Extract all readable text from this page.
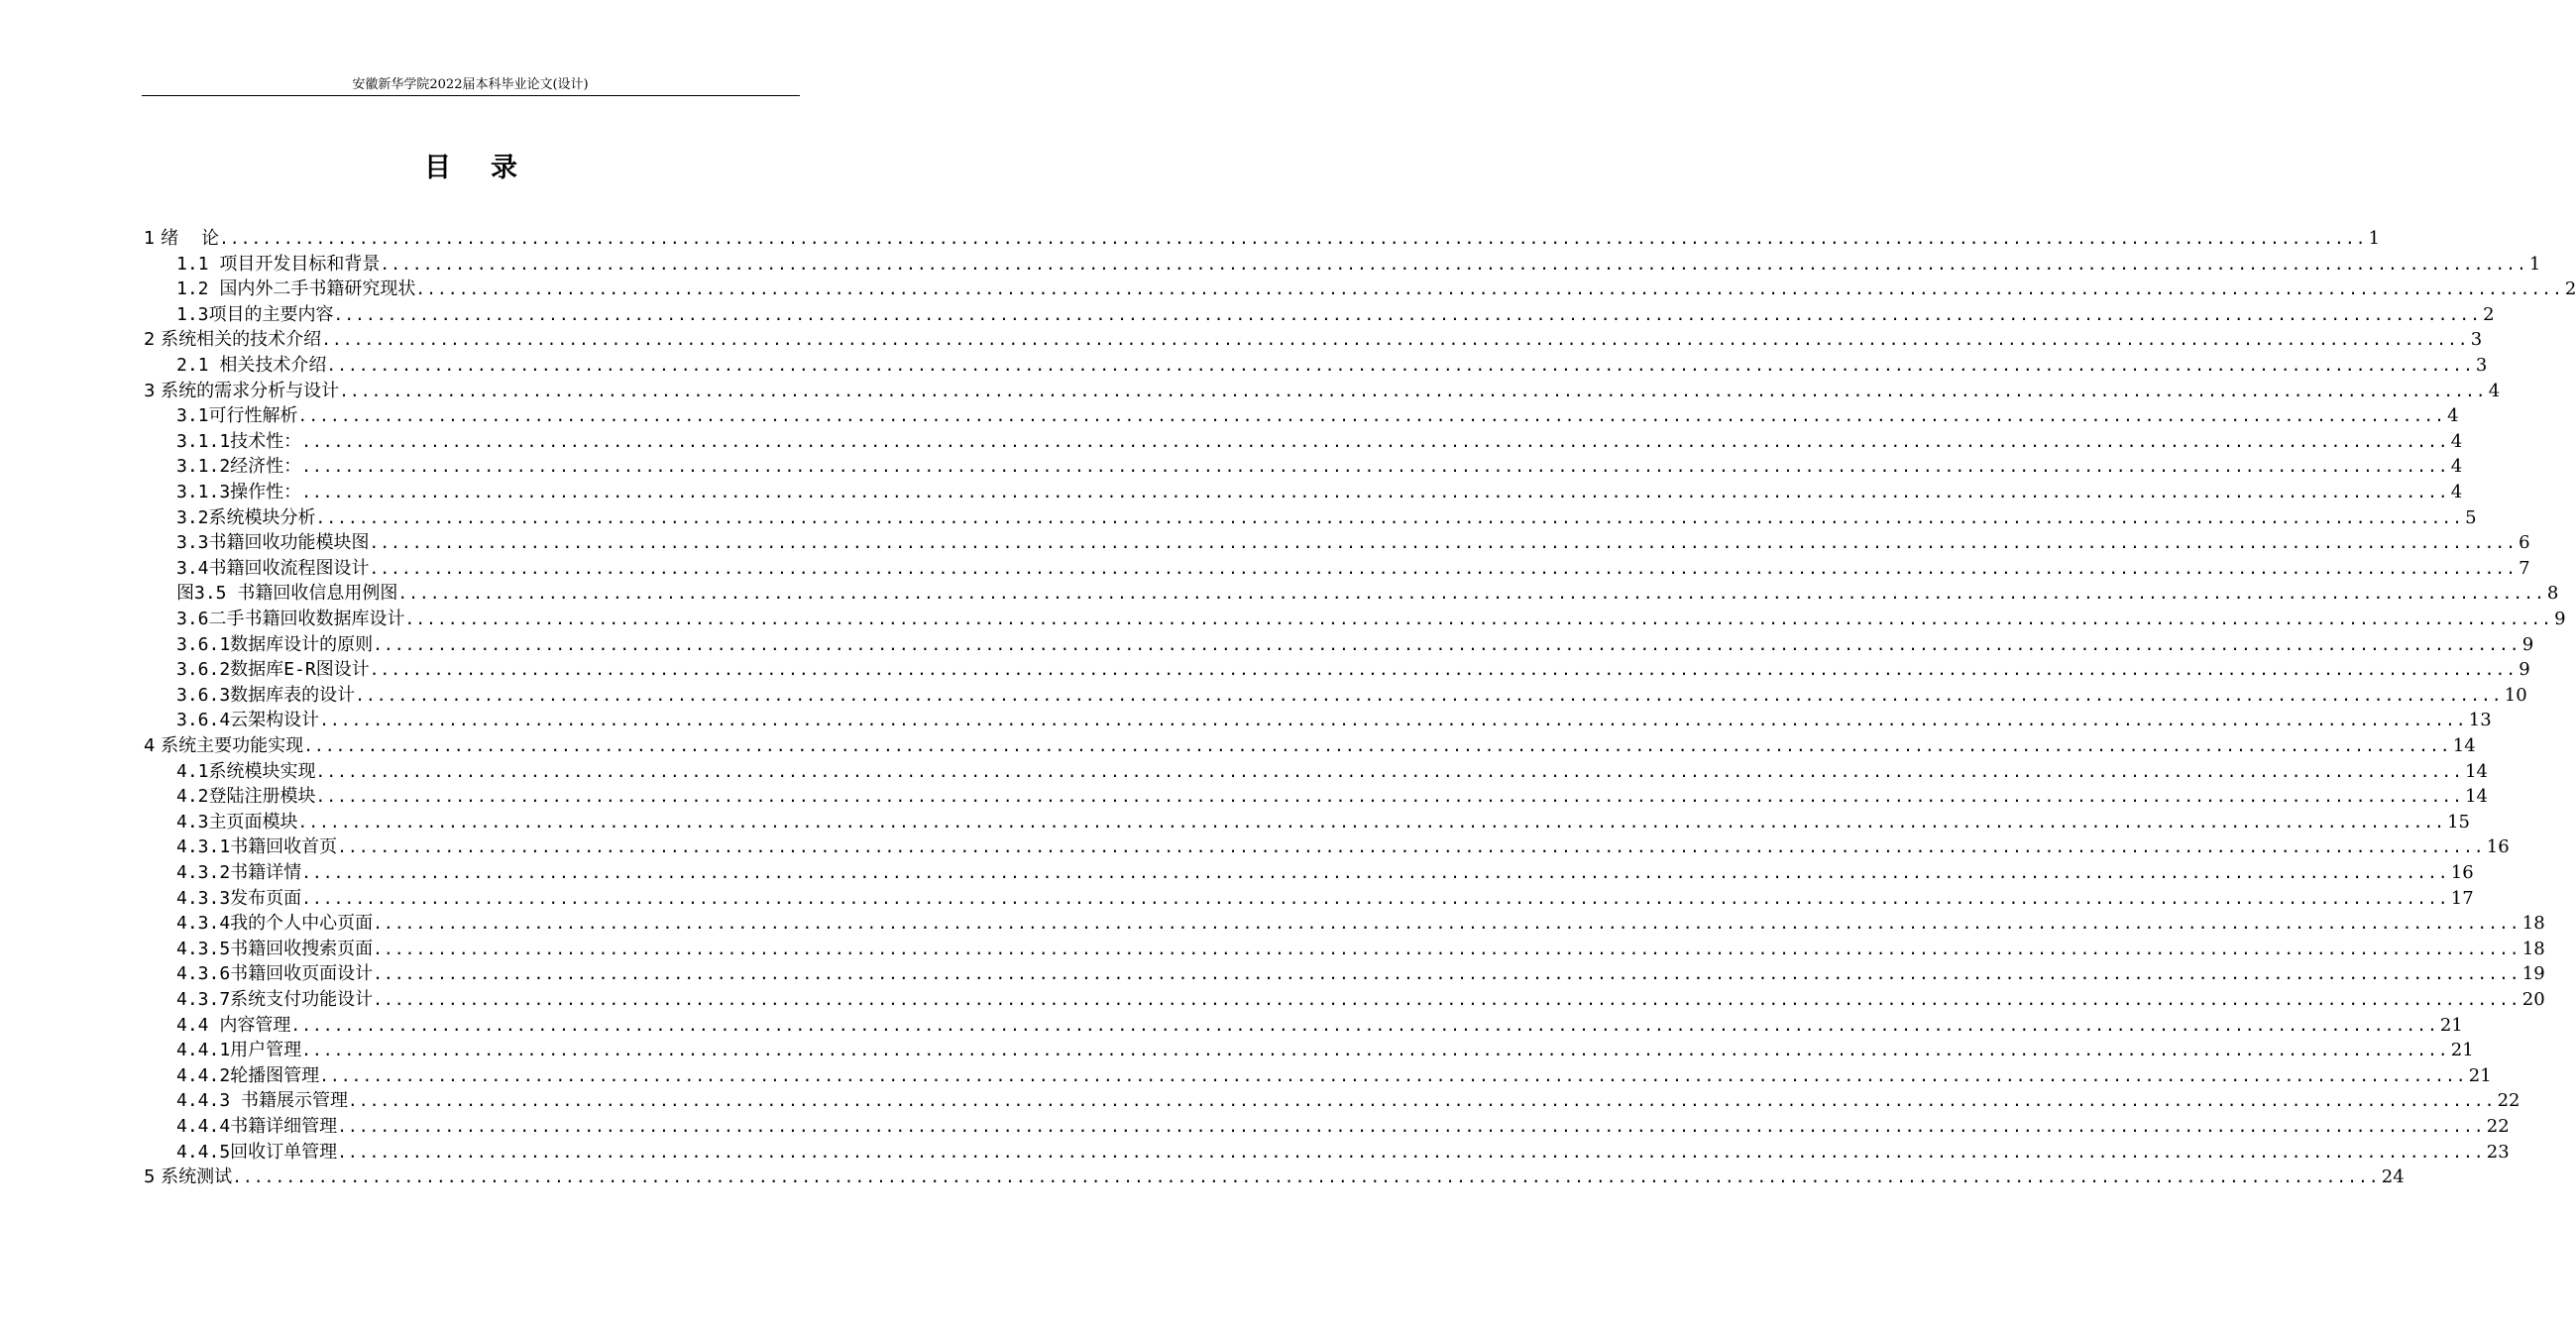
安徽新华学院2022届本科毕业论文(设计)
目录
1 绪    论 ........................................................................................................................................................................................................ 1
1.1 项目开发目标和背景 ........................................................................................................................................................................................................ 1
1.2 国内外二手书籍研究现状 ........................................................................................................................................................................................................ 2
1.3项目的主要内容 ........................................................................................................................................................................................................ 2
2 系统相关的技术介绍 ........................................................................................................................................................................................................ 3
2.1 相关技术介绍 ........................................................................................................................................................................................................ 3
3 系统的需求分析与设计 ........................................................................................................................................................................................................ 4
3.1可行性解析 ........................................................................................................................................................................................................ 4
3.1.1技术性： ........................................................................................................................................................................................................ 4
3.1.2经济性： ........................................................................................................................................................................................................ 4
3.1.3操作性： ........................................................................................................................................................................................................ 4
3.2系统模块分析 ........................................................................................................................................................................................................ 5
3.3书籍回收功能模块图 ........................................................................................................................................................................................................ 6
3.4书籍回收流程图设计 ........................................................................................................................................................................................................ 7
图3.5 书籍回收信息用例图 ........................................................................................................................................................................................................ 8
3.6二手书籍回收数据库设计 ........................................................................................................................................................................................................ 9
3.6.1数据库设计的原则 ........................................................................................................................................................................................................ 9
3.6.2数据库E-R图设计 ........................................................................................................................................................................................................ 9
3.6.3数据库表的设计 ........................................................................................................................................................................................................ 10
3.6.4云架构设计 ........................................................................................................................................................................................................ 13
4 系统主要功能实现 ........................................................................................................................................................................................................ 14
4.1系统模块实现 ........................................................................................................................................................................................................ 14
4.2登陆注册模块 ........................................................................................................................................................................................................ 14
4.3主页面模块 ........................................................................................................................................................................................................ 15
4.3.1书籍回收首页 ........................................................................................................................................................................................................ 16
4.3.2书籍详情 ........................................................................................................................................................................................................ 16
4.3.3发布页面 ........................................................................................................................................................................................................ 17
4.3.4我的个人中心页面 ........................................................................................................................................................................................................ 18
4.3.5书籍回收搜索页面 ........................................................................................................................................................................................................ 18
4.3.6书籍回收页面设计 ........................................................................................................................................................................................................ 19
4.3.7系统支付功能设计 ........................................................................................................................................................................................................ 20
4.4 内容管理 ........................................................................................................................................................................................................ 21
4.4.1用户管理 ........................................................................................................................................................................................................ 21
4.4.2轮播图管理 ........................................................................................................................................................................................................ 21
4.4.3 书籍展示管理 ........................................................................................................................................................................................................ 22
4.4.4书籍详细管理 ........................................................................................................................................................................................................ 22
4.4.5回收订单管理 ........................................................................................................................................................................................................ 23
5 系统测试 ........................................................................................................................................................................................................ 24
